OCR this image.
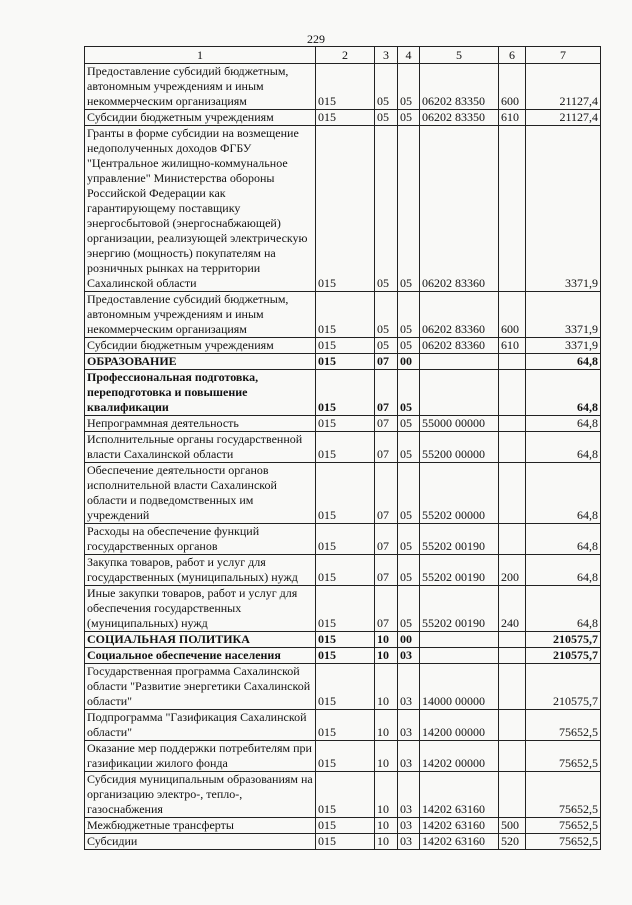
229
1	2	3	4	5	6	7
Предоставление субсидий бюджетным, автономным учреждениям и иным некоммерческим организациям	015	05	05	06202 83350	600	21127,4
Субсидии бюджетным учреждениям	015	05	05	06202 83350	610	21127,4
Гранты в форме субсидии на возмещение недополученных доходов ФГБУ "Центральное жилищно-коммунальное управление" Министерства обороны Российской Федерации как гарантирующему поставщику энергосбытовой (энергоснабжающей) организации, реализующей электрическую энергию (мощность) покупателям на розничных рынках на территории Сахалинской области	015	05	05	06202 83360		3371,9
Предоставление субсидий бюджетным, автономным учреждениям и иным некоммерческим организациям	015	05	05	06202 83360	600	3371,9
Субсидии бюджетным учреждениям	015	05	05	06202 83360	610	3371,9
ОБРАЗОВАНИЕ	015	07	00			64,8
Профессиональная подготовка, переподготовка и повышение квалификации	015	07	05			64,8
Непрограммная деятельность	015	07	05	55000 00000		64,8
Исполнительные органы государственной власти Сахалинской области	015	07	05	55200 00000		64,8
Обеспечение деятельности органов исполнительной власти Сахалинской области и подведомственных им учреждений	015	07	05	55202 00000		64,8
Расходы на обеспечение функций государственных органов	015	07	05	55202 00190		64,8
Закупка товаров, работ и услуг для государственных (муниципальных) нужд	015	07	05	55202 00190	200	64,8
Иные закупки товаров, работ и услуг для обеспечения государственных (муниципальных) нужд	015	07	05	55202 00190	240	64,8
СОЦИАЛЬНАЯ ПОЛИТИКА	015	10	00			210575,7
Социальное обеспечение населения	015	10	03			210575,7
Государственная программа Сахалинской области "Развитие энергетики Сахалинской области"	015	10	03	14000 00000		210575,7
Подпрограмма "Газификация Сахалинской области"	015	10	03	14200 00000		75652,5
Оказание мер поддержки потребителям при газификации жилого фонда	015	10	03	14202 00000		75652,5
Субсидия муниципальным образованиям на организацию электро-, тепло-, газоснабжения	015	10	03	14202 63160		75652,5
Межбюджетные трансферты	015	10	03	14202 63160	500	75652,5
Субсидии	015	10	03	14202 63160	520	75652,5
